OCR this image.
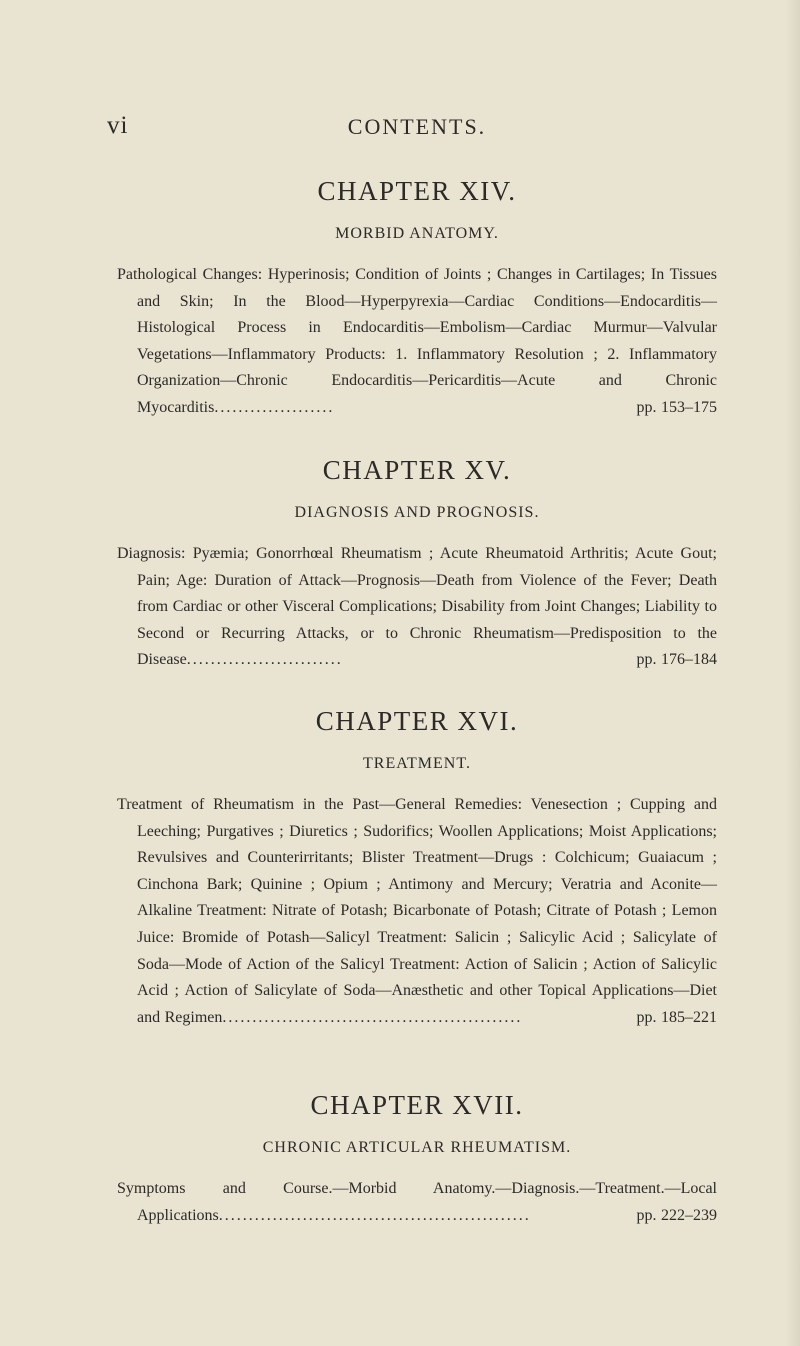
vi	CONTENTS.
CHAPTER XIV.
MORBID ANATOMY.

Pathological Changes: Hyperinosis; Condition of Joints ; Changes in Cartilages; In Tissues and Skin; In the Blood—Hyperpyrexia—Cardiac Conditions—Endocarditis—Histological Process in Endocarditis—Embolism—Cardiac Murmur—Valvular Vegetations—Inflammatory Products: 1. Inflammatory Resolution ; 2. Inflammatory Organization—Chronic Endocarditis—Pericarditis—Acute and Chronic Myocarditis....................	pp. 153–175

CHAPTER XV.
DIAGNOSIS AND PROGNOSIS.

Diagnosis: Pyæmia; Gonorrhœal Rheumatism ; Acute Rheumatoid Arthritis; Acute Gout; Pain; Age: Duration of Attack—Prognosis—Death from Violence of the Fever; Death from Cardiac or other Visceral Complications; Disability from Joint Changes; Liability to Second or Recurring Attacks, or to Chronic Rheumatism—Predisposition to the Disease..........................	pp. 176–184

CHAPTER XVI.
TREATMENT.

Treatment of Rheumatism in the Past—General Remedies: Venesection ; Cupping and Leeching; Purgatives ; Diuretics ; Sudorifics; Woollen Applications; Moist Applications; Revulsives and Counterirritants; Blister Treatment—Drugs : Colchicum; Guaiacum ; Cinchona Bark; Quinine ; Opium ; Antimony and Mercury; Veratria and Aconite—Alkaline Treatment: Nitrate of Potash; Bicarbonate of Potash; Citrate of Potash ; Lemon Juice: Bromide of Potash—Salicyl Treatment: Salicin ; Salicylic Acid ; Salicylate of Soda—Mode of Action of the Salicyl Treatment: Action of Salicin ; Action of Salicylic Acid ; Action of Salicylate of Soda—Anæsthetic and other Topical Applications—Diet and Regimen..................................................	pp. 185–221

CHAPTER XVII.
CHRONIC ARTICULAR RHEUMATISM.

Symptoms and Course.—Morbid Anatomy.—Diagnosis.—Treatment.—Local Applications....................................................	pp. 222–239
